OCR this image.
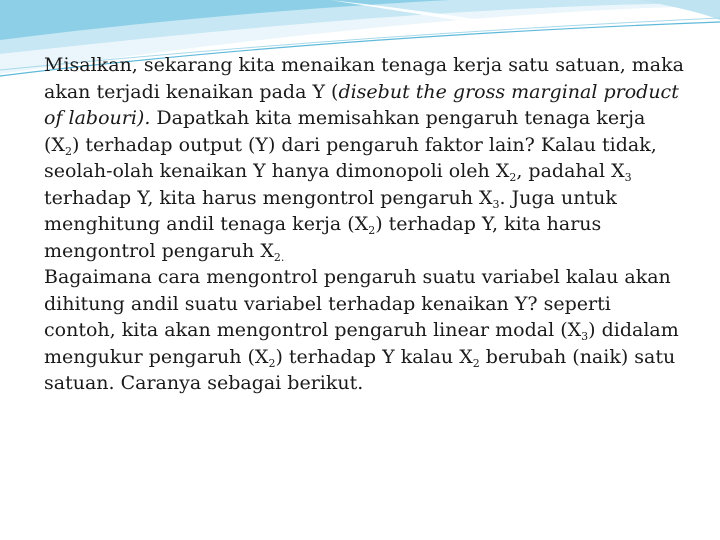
Misalkan, sekarang kita menaikan tenaga kerja satu satuan, maka akan terjadi kenaikan pada Y (disebut the gross marginal product of labouri). Dapatkah kita memisahkan pengaruh tenaga kerja $(X_2)$ terhadap output (Y) dari pengaruh faktor lain? Kalau tidak, seolah-olah kenaikan Y hanya dimonopoli oleh $X_2$, padahal $X_3$ terhadap Y, kita harus mengontrol pengaruh $X_3$. Juga untuk menghitung andil tenaga kerja $(X_2)$ terhadap Y, kita harus mengontrol pengaruh $X_{2.}$

Bagaimana cara mengontrol pengaruh suatu variabel kalau akan dihitung andil suatu variabel terhadap kenaikan Y? seperti contoh, kita akan mengontrol pengaruh linear modal $(X_3)$ didalam mengukur pengaruh $(X_2)$ terhadap Y kalau $X_2$ berubah (naik) satu satuan. Caranya sebagai berikut.
